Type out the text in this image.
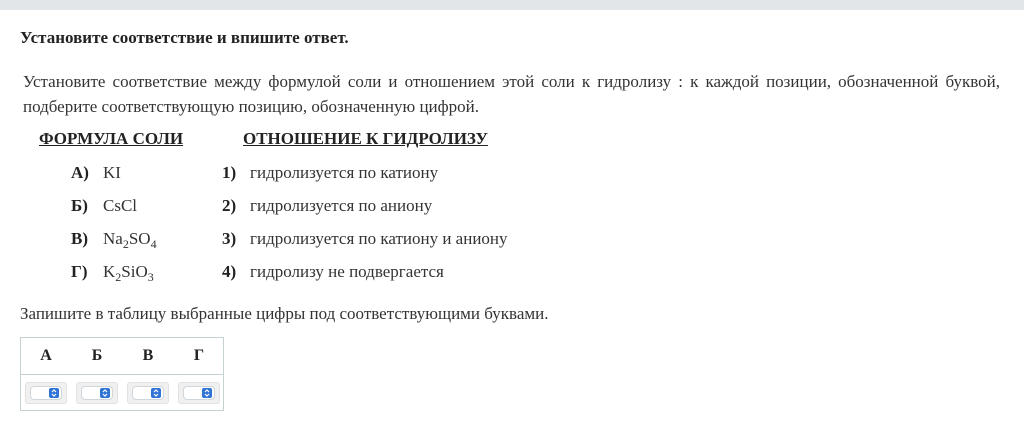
Установите соответствие и впишите ответ.
Установите соответствие между формулой соли и отношением этой соли к гидролизу : к каждой позиции, обозначенной буквой, подберите соответствующую позицию, обозначенную цифрой.
ФОРМУЛА СОЛИ	ОТНОШЕНИЕ К ГИДРОЛИЗУ
А) KI	1) гидролизуется по катиону
Б) CsCl	2) гидролизуется по аниону
В) $Na_2SO_4$	3) гидролизуется по катиону и аниону
Г) $K_2SiO_3$	4) гидролизу не подвергается
Запишите в таблицу выбранные цифры под соответствующими буквами.
А	Б	В	Г
